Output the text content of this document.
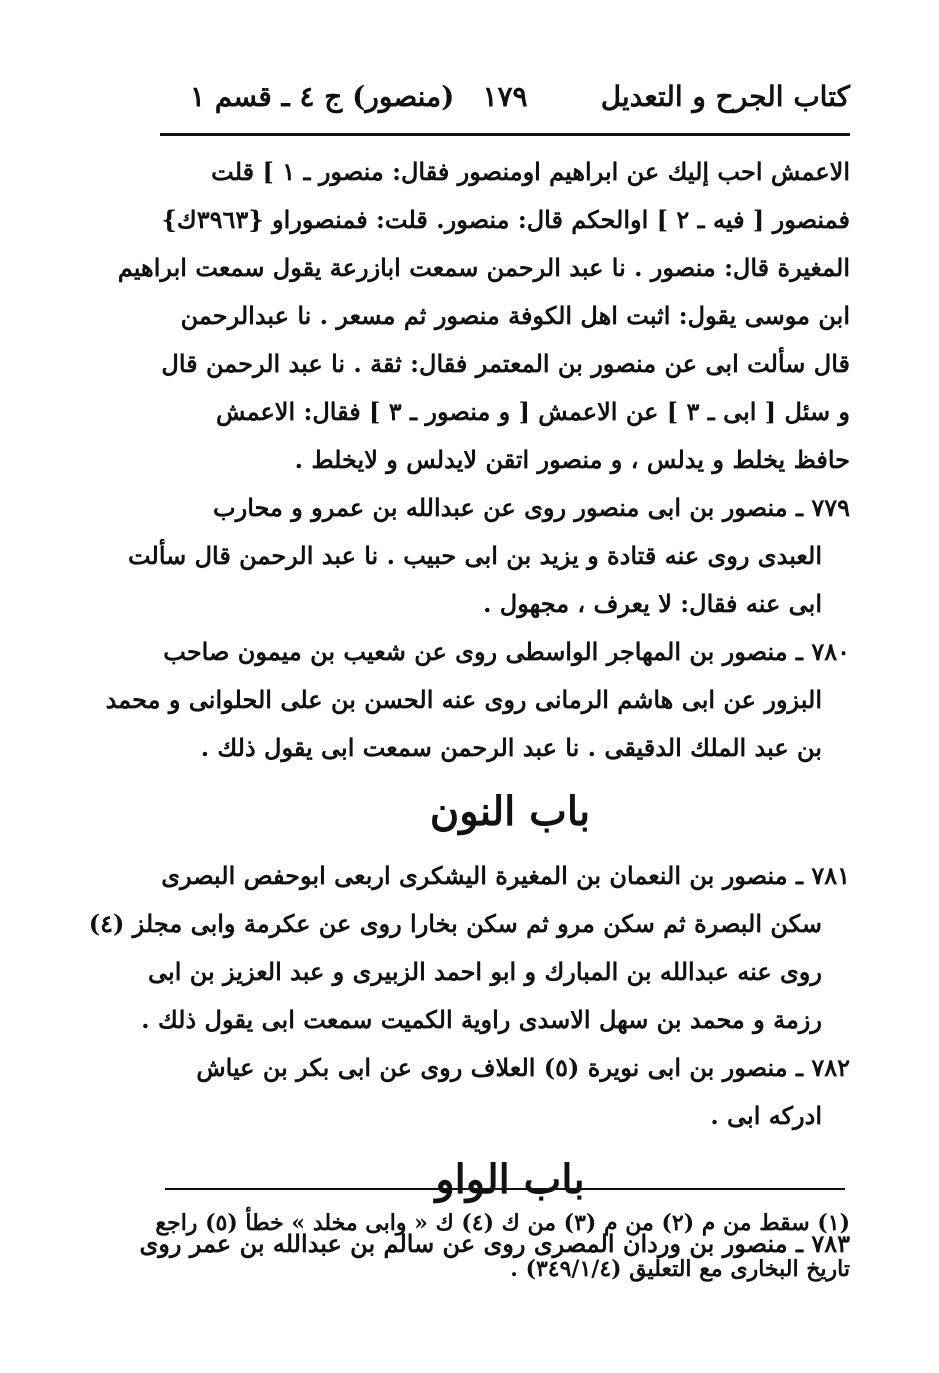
كتاب الجرح و التعديل
١٧٩
(منصور) ج ٤ ـ قسم ١
الاعمش احب إليك عن ابراهيم اومنصور فقال: منصور ـ ١ ] قلت
فمنصور [ فيه ـ ٢ ] اوالحكم قال: منصور. قلت: فمنصوراو {٣٩٦٣ك}
المغيرة قال: منصور . نا عبد الرحمن سمعت ابازرعة يقول سمعت ابراهيم
ابن موسى يقول: اثبت اهل الكوفة منصور ثم مسعر . نا عبدالرحمن
قال سألت ابى عن منصور بن المعتمر فقال: ثقة . نا عبد الرحمن قال
و سئل [ ابى ـ ٣ ] عن الاعمش [ و منصور ـ ٣ ] فقال: الاعمش
حافظ يخلط و يدلس ، و منصور اتقن لايدلس و لايخلط .
٧٧٩ ـ منصور بن ابى منصور روى عن عبدالله بن عمرو و محارب
العبدى روى عنه قتادة و يزيد بن ابى حبيب . نا عبد الرحمن قال سألت
ابى عنه فقال: لا يعرف ، مجهول .
٧٨٠ ـ منصور بن المهاجر الواسطى روى عن شعيب بن ميمون صاحب
البزور عن ابى هاشم الرمانى روى عنه الحسن بن على الحلوانى و محمد
بن عبد الملك الدقيقى . نا عبد الرحمن سمعت ابى يقول ذلك .
باب النون
٧٨١ ـ منصور بن النعمان بن المغيرة اليشكرى اربعى ابوحفص البصرى
سكن البصرة ثم سكن مرو ثم سكن بخارا روى عن عكرمة وابى مجلز (٤)
روى عنه عبدالله بن المبارك و ابو احمد الزبيرى و عبد العزيز بن ابى
رزمة و محمد بن سهل الاسدى راوية الكميت سمعت ابى يقول ذلك .
٧٨٢ ـ منصور بن ابى نويرة (٥) العلاف روى عن ابى بكر بن عياش
ادركه ابى .
باب الواو
٧٨٣ ـ منصور بن وردان المصرى روى عن سالم بن عبدالله بن عمر روى
(١) سقط من م (٢) من م (٣) من ك (٤) ك « وابى مخلد » خطأ (٥) راجع
تاريخ البخارى مع التعليق (٣٤٩/١/٤) .
